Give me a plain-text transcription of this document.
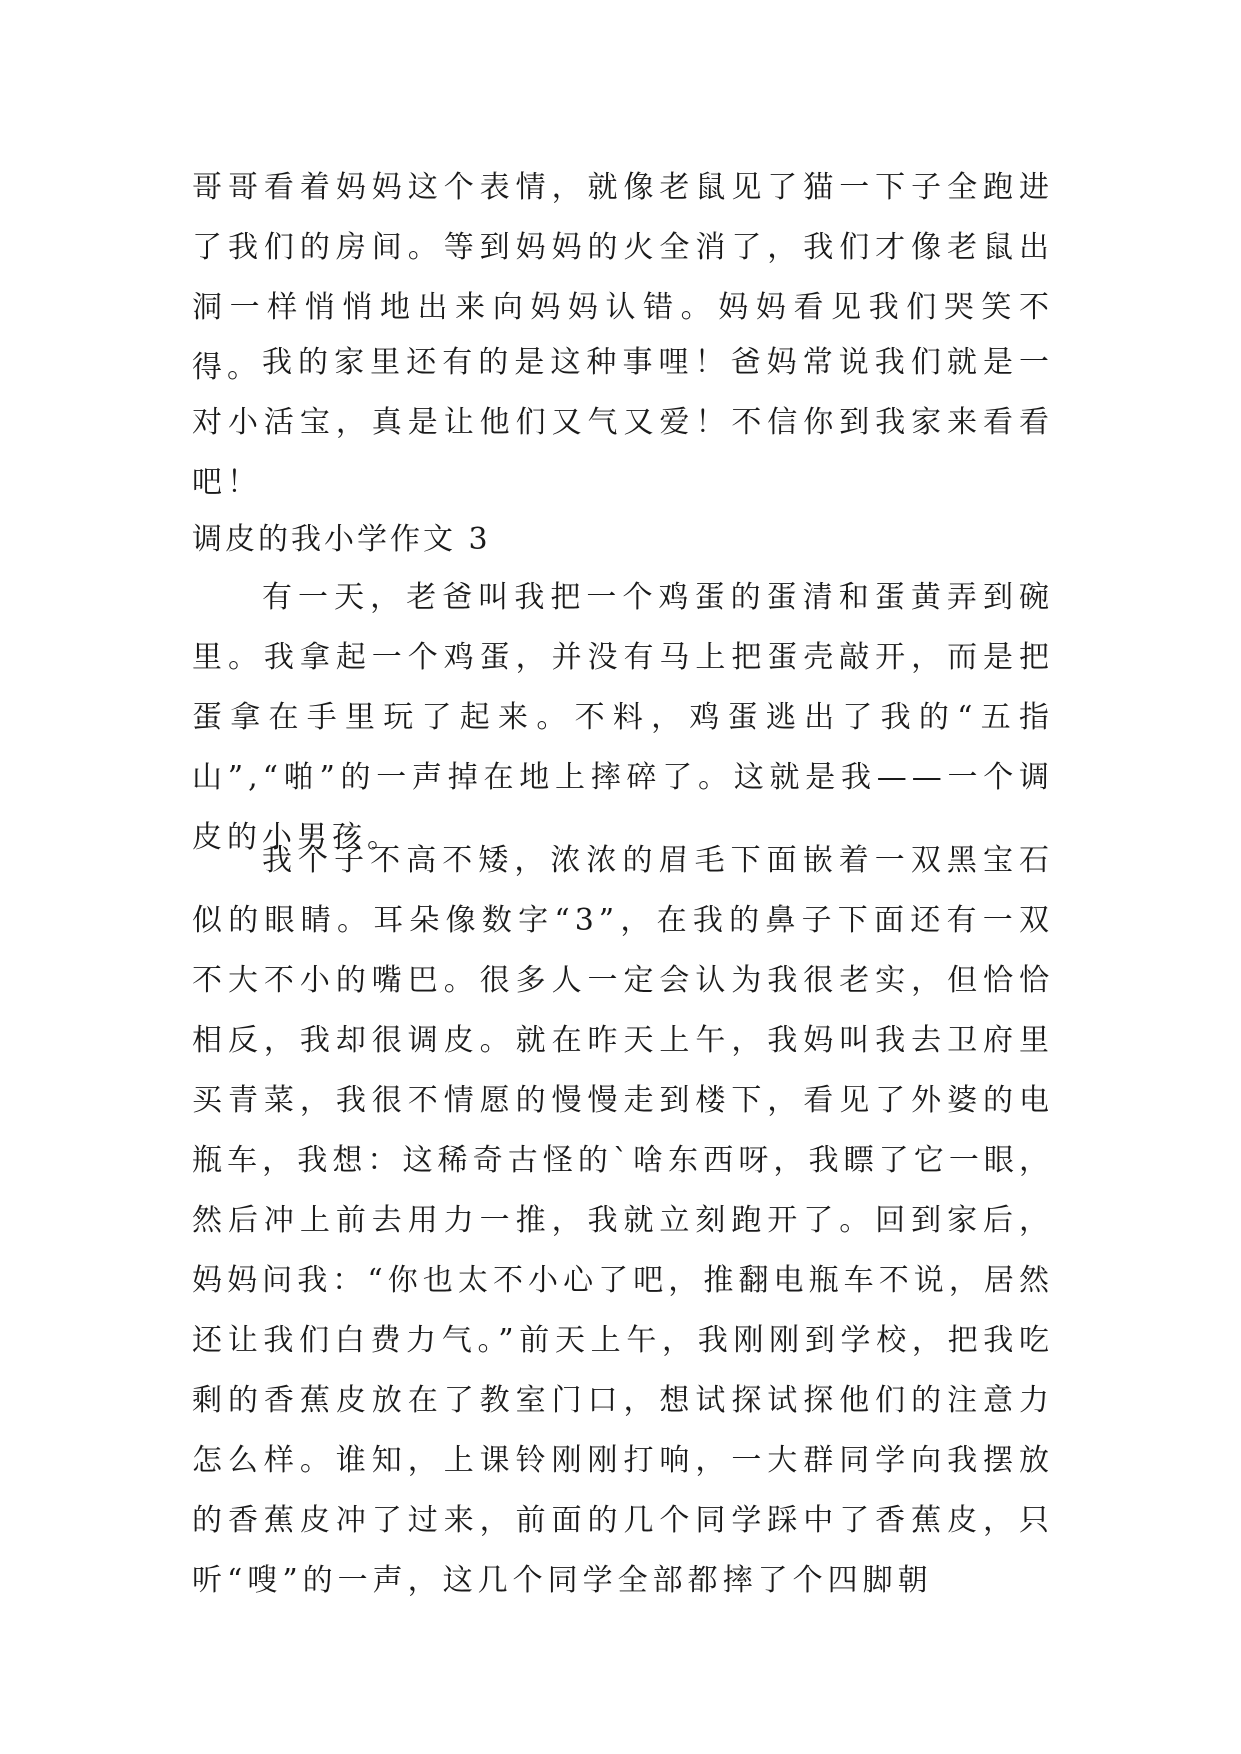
哥哥看着妈妈这个表情，就像老鼠见了猫一下子全跑进了我们的房间。等到妈妈的火全消了，我们才像老鼠出洞一样悄悄地出来向妈妈认错。妈妈看见我们哭笑不得。 我的家里还有的是这种事哩！爸妈常说我们就是一对小活宝，真是让他们又气又爱！不信你到我家来看看吧！

调皮的我小学作文 3

有一天，老爸叫我把一个鸡蛋的蛋清和蛋黄弄到碗里。我拿起一个鸡蛋，并没有马上把蛋壳敲开，而是把蛋拿在手里玩了起来。不料，鸡蛋逃出了我的“五指山”,“啪”的一声掉在地上摔碎了。这就是我——一个调皮的小男孩。

我个子不高不矮，浓浓的眉毛下面嵌着一双黑宝石似的眼睛。耳朵像数字“3”，在我的鼻子下面还有一双不大不小的嘴巴。很多人一定会认为我很老实，但恰恰相反，我却很调皮。就在昨天上午，我妈叫我去卫府里买青菜，我很不情愿的慢慢走到楼下，看见了外婆的电瓶车，我想：这稀奇古怪的`啥东西呀，我瞟了它一眼，然后冲上前去用力一推，我就立刻跑开了。回到家后，妈妈问我：“你也太不小心了吧，推翻电瓶车不说，居然还让我们白费力气。”前天上午，我刚刚到学校，把我吃剩的香蕉皮放在了教室门口，想试探试探他们的注意力怎么样。谁知，上课铃刚刚打响，一大群同学向我摆放的香蕉皮冲了过来，前面的几个同学踩中了香蕉皮，只听“嗖”的一声，这几个同学全部都摔了个四脚朝
